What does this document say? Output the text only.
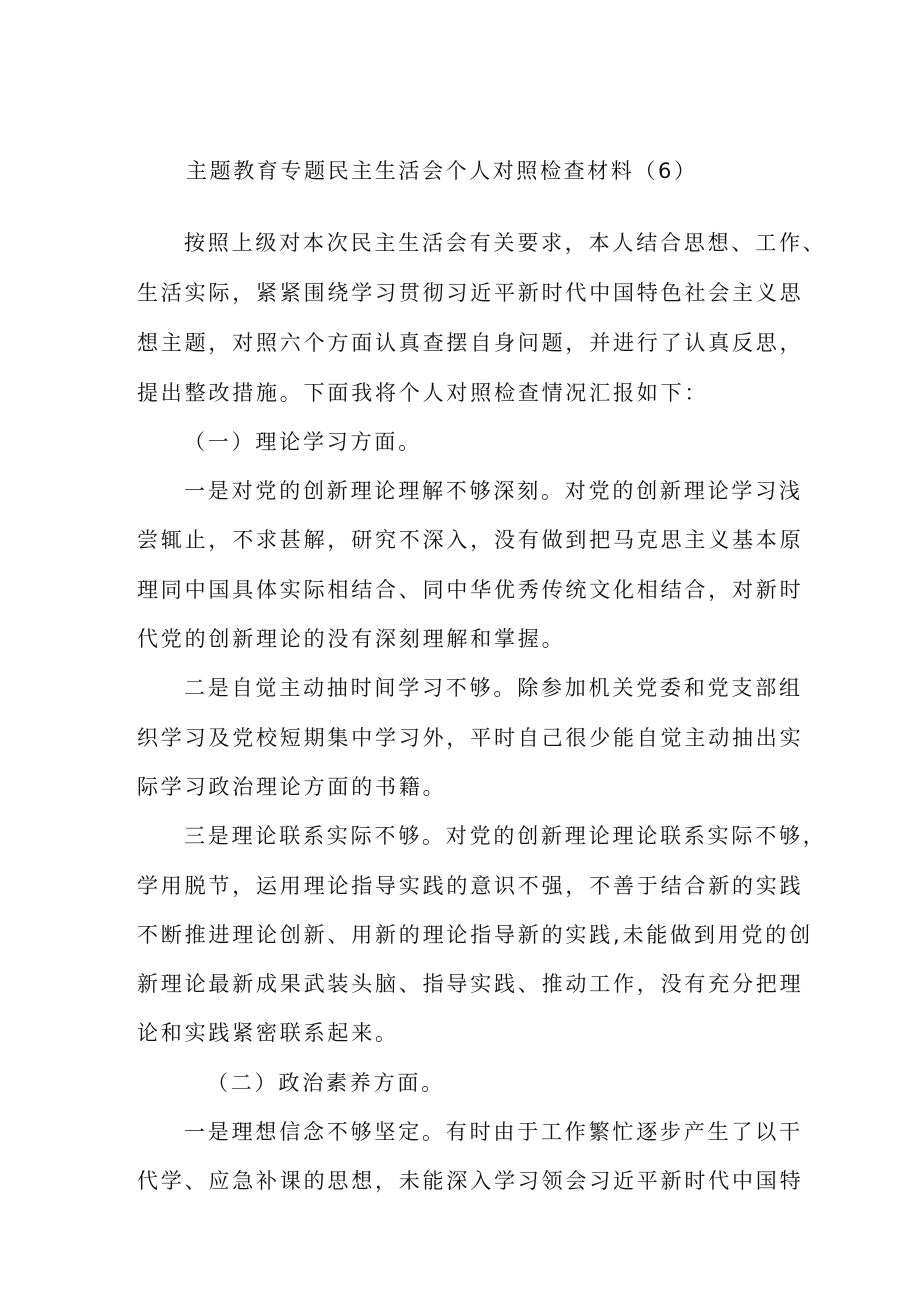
主题教育专题民主生活会个人对照检查材料（6）
按照上级对本次民主生活会有关要求，本人结合思想、工作、
生活实际，紧紧围绕学习贯彻习近平新时代中国特色社会主义思
想主题，对照六个方面认真查摆自身问题，并进行了认真反思，
提出整改措施。下面我将个人对照检查情况汇报如下：
（一）理论学习方面。
一是对党的创新理论理解不够深刻。对党的创新理论学习浅
尝辄止，不求甚解，研究不深入，没有做到把马克思主义基本原
理同中国具体实际相结合、同中华优秀传统文化相结合，对新时
代党的创新理论的没有深刻理解和掌握。
二是自觉主动抽时间学习不够。除参加机关党委和党支部组
织学习及党校短期集中学习外，平时自己很少能自觉主动抽出实
际学习政治理论方面的书籍。
三是理论联系实际不够。对党的创新理论理论联系实际不够，
学用脱节，运用理论指导实践的意识不强，不善于结合新的实践
不断推进理论创新、用新的理论指导新的实践,未能做到用党的创
新理论最新成果武装头脑、指导实践、推动工作，没有充分把理
论和实践紧密联系起来。
（二）政治素养方面。
一是理想信念不够坚定。有时由于工作繁忙逐步产生了以干
代学、应急补课的思想，未能深入学习领会习近平新时代中国特
